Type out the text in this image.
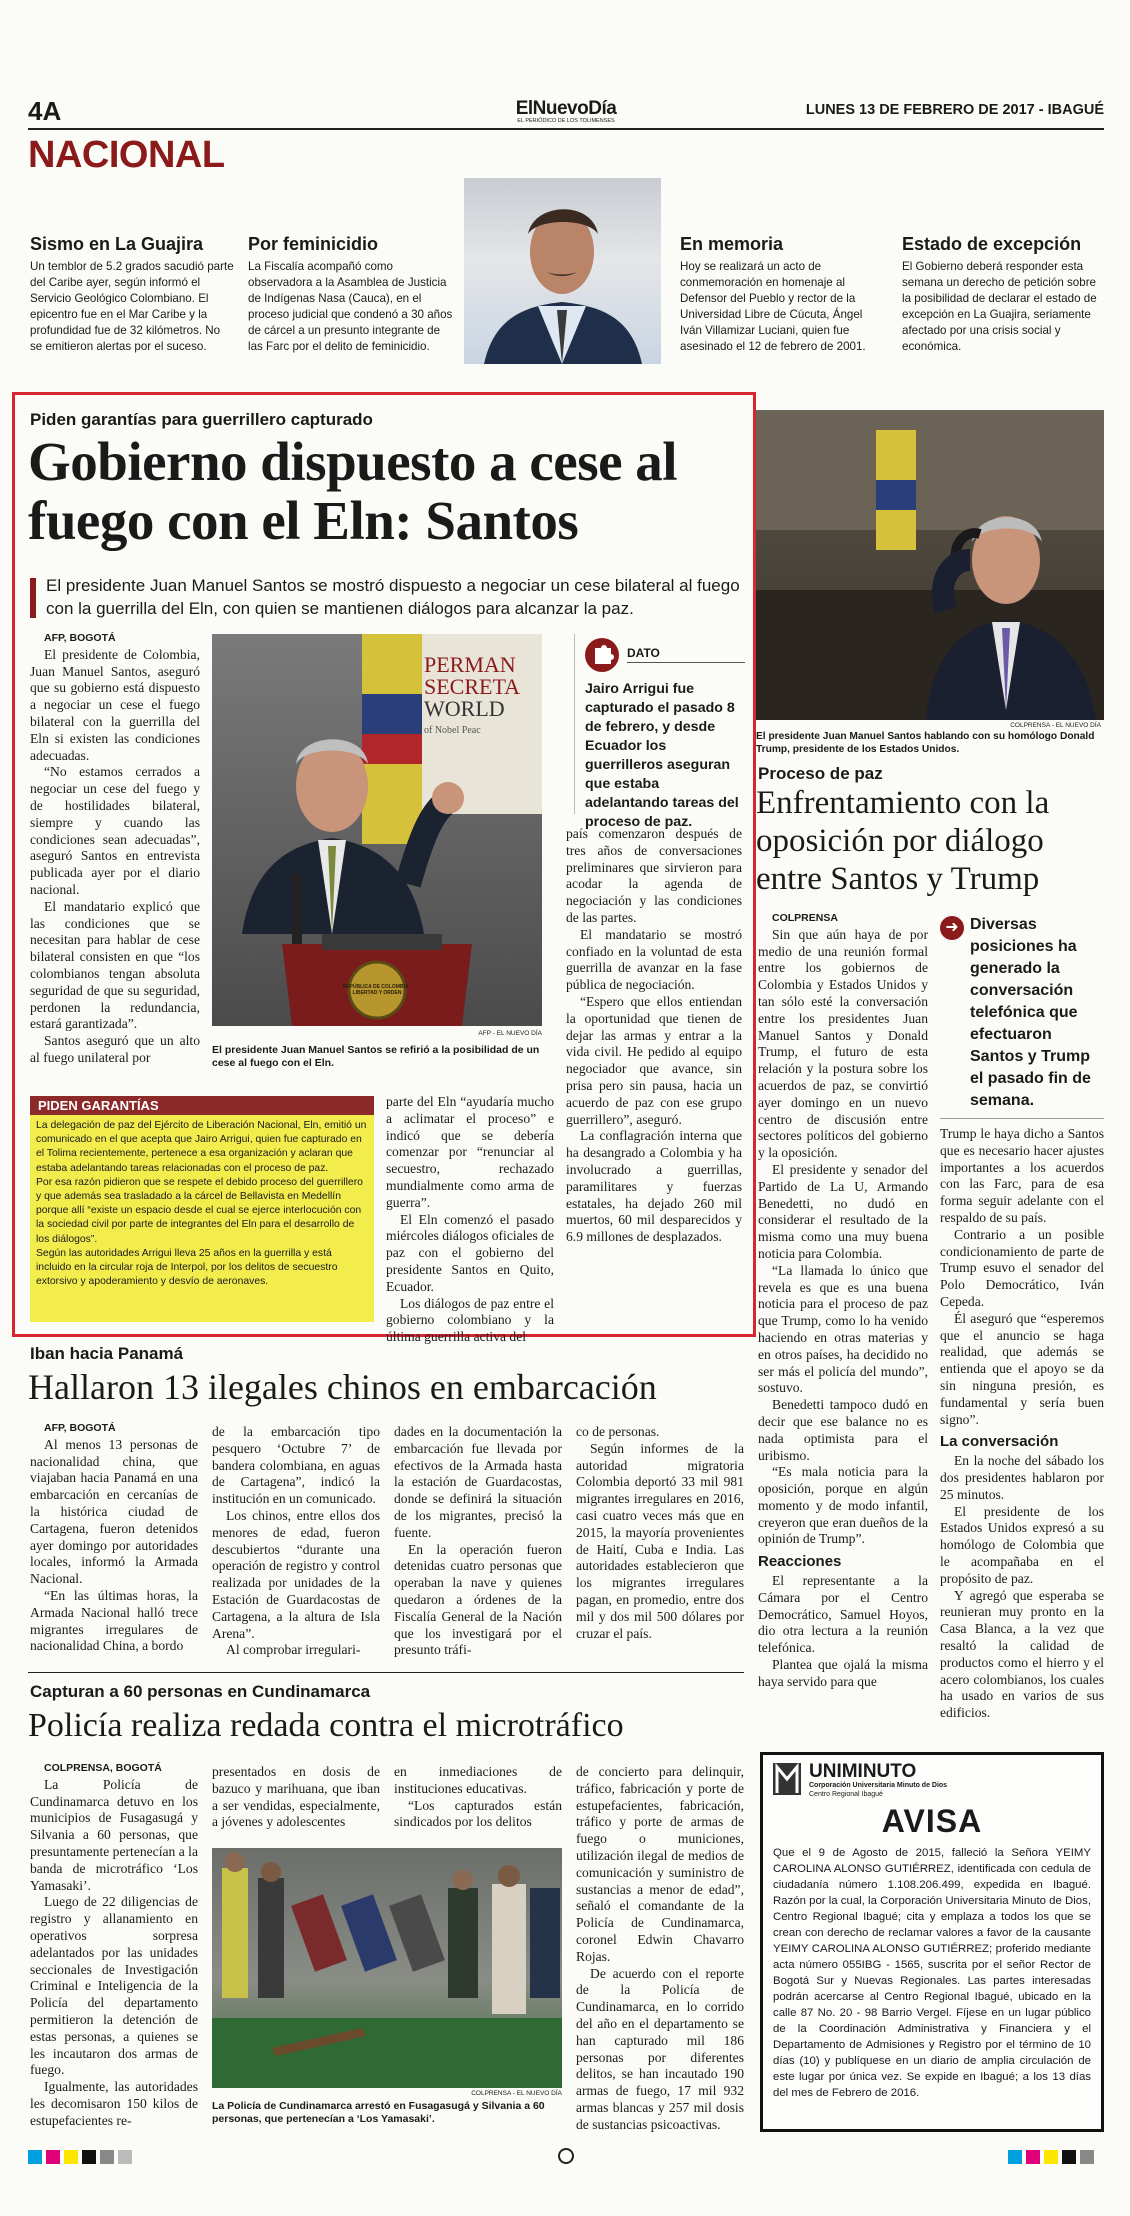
4A	ElNuevoDía
EL PERIÓDICO DE LOS TOLIMENSES
LUNES 13 DE FEBRERO DE 2017 - IBAGUÉ
NACIONAL
Sismo en La Guajira
Un temblor de 5.2 grados sacudió parte del Caribe ayer, según informó el Servicio Geológico Colombiano. El epicentro fue en el Mar Caribe y la profundidad fue de 32 kilómetros. No se emitieron alertas por el suceso.
Por feminicidio
La Fiscalía acompañó como observadora a la Asamblea de Justicia de Indígenas Nasa (Cauca), en el proceso judicial que condenó a 30 años de cárcel a un presunto integrante de las Farc por el delito de feminicidio.
En memoria
Hoy se realizará un acto de conmemoración en homenaje al Defensor del Pueblo y rector de la Universidad Libre de Cúcuta, Ángel Iván Villamizar Luciani, quien fue asesinado el 12 de febrero de 2001.
Estado de excepción
El Gobierno deberá responder esta semana un derecho de petición sobre la posibilidad de declarar el estado de excepción en La Guajira, seriamente afectado por una crisis social y económica.
Piden garantías para guerrillero capturado
Gobierno dispuesto a cese al fuego con el Eln: Santos
El presidente Juan Manuel Santos se mostró dispuesto a negociar un cese bilateral al fuego con la guerrilla del Eln, con quien se mantienen diálogos para alcanzar la paz.

AFP, BOGOTÁ

El presidente de Colombia, Juan Manuel Santos, aseguró que su gobierno está dispuesto a negociar un cese el fuego bilateral con la guerrilla del Eln si existen las condiciones adecuadas.

“No estamos cerrados a negociar un cese del fuego y de hostilidades bilateral, siempre y cuando las condiciones sean adecuadas”, aseguró Santos en entrevista publicada ayer por el diario nacional.

El mandatario explicó que las condiciones que se necesitan para hablar de cese bilateral consisten en que “los colombianos tengan absoluta seguridad de que su seguridad, perdonen la redundancia, estará garantizada”.

Santos aseguró que un alto al fuego unilateral por

PERMAN
SECRETA
WORLD
of Nobel Peac
REPÚBLICA DE COLOMBIA · LIBERTAD Y ORDEN
AFP - EL NUEVO DÍA
El presidente Juan Manuel Santos se refirió a la posibilidad de un cese al fuego con el Eln.
DATO
Jairo Arrigui fue capturado el pasado 8 de febrero, y desde Ecuador los guerrilleros aseguran que estaba adelantando tareas del proceso de paz.
PIDEN GARANTÍAS
La delegación de paz del Ejército de Liberación Nacional, Eln, emitió un comunicado en el que acepta que Jairo Arrigui, quien fue capturado en el Tolima recientemente, pertenece a esa organización y aclaran que estaba adelantando tareas relacionadas con el proceso de paz.
Por esa razón pidieron que se respete el debido proceso del guerrillero y que además sea trasladado a la cárcel de Bellavista en Medellín porque allí “existe un espacio desde el cual se ejerce interlocución con la sociedad civil por parte de integrantes del Eln para el desarrollo de los diálogos”.
Según las autoridades Arrigui lleva 25 años en la guerrilla y está incluido en la circular roja de Interpol, por los delitos de secuestro extorsivo y apoderamiento y desvío de aeronaves.

parte del Eln “ayudaría mucho a aclimatar el proceso” e indicó que se debería comenzar por “renunciar al secuestro, rechazado mundialmente como arma de guerra”.

El Eln comenzó el pasado miércoles diálogos oficiales de paz con el gobierno del presidente Santos en Quito, Ecuador.

Los diálogos de paz entre el gobierno colombiano y la última guerrilla activa del

país comenzaron después de tres años de conversaciones preliminares que sirvieron para acodar la agenda de negociación y las condiciones de las partes.

El mandatario se mostró confiado en la voluntad de esta guerrilla de avanzar en la fase pública de negociación.

“Espero que ellos entiendan la oportunidad que tienen de dejar las armas y entrar a la vida civil. He pedido al equipo negociador que avance, sin prisa pero sin pausa, hacia un acuerdo de paz con ese grupo guerrillero”, aseguró.

La conflagración interna que ha desangrado a Colombia y ha involucrado a guerrillas, paramilitares y fuerzas estatales, ha dejado 260 mil muertos, 60 mil desparecidos y 6.9 millones de desplazados.

COLPRENSA - EL NUEVO DÍA
El presidente Juan Manuel Santos hablando con su homólogo Donald Trump, presidente de los Estados Unidos.
Proceso de paz
Enfrentamiento con la oposición por diálogo entre Santos y Trump

COLPRENSA

Sin que aún haya de por medio de una reunión formal entre los gobiernos de Colombia y Estados Unidos y tan sólo esté la conversación entre los presidentes Juan Manuel Santos y Donald Trump, el futuro de esta relación y la postura sobre los acuerdos de paz, se convirtió ayer domingo en un nuevo centro de discusión entre sectores políticos del gobierno y la oposición.

El presidente y senador del Partido de La U, Armando Benedetti, no dudó en considerar el resultado de la misma como una muy buena noticia para Colombia.

“La llamada lo único que revela es que es una buena noticia para el proceso de paz que Trump, como lo ha venido haciendo en otras materias y en otros países, ha decidido no ser más el policía del mundo”, sostuvo.

Benedetti tampoco dudó en decir que ese balance no es nada optimista para el uribismo.

“Es mala noticia para la oposición, porque en algún momento y de modo infantil, creyeron que eran dueños de la opinión de Trump”.

Reacciones

El representante a la Cámara por el Centro Democrático, Samuel Hoyos, dio otra lectura a la reunión telefónica.

Plantea que ojalá la misma haya servido para que

➜ Diversas posiciones ha generado la conversación telefónica que efectuaron Santos y Trump el pasado fin de semana.

Trump le haya dicho a Santos que es necesario hacer ajustes importantes a los acuerdos con las Farc, para de esa forma seguir adelante con el respaldo de su país.

Contrario a un posible condicionamiento de parte de Trump esuvo el senador del Polo Democrático, Iván Cepeda.

Él aseguró que “esperemos que el anuncio se haga realidad, que además se entienda que el apoyo se da sin ninguna presión, es fundamental y sería buen signo”.

La conversación

En la noche del sábado los dos presidentes hablaron por 25 minutos.

El presidente de los Estados Unidos expresó a su homólogo de Colombia que le acompañaba en el propósito de paz.

Y agregó que esperaba se reunieran muy pronto en la Casa Blanca, a la vez que resaltó la calidad de productos como el hierro y el acero colombianos, los cuales ha usado en varios de sus edificios.

Iban hacia Panamá
Hallaron 13 ilegales chinos en embarcación

AFP, BOGOTÁ

Al menos 13 personas de nacionalidad china, que viajaban hacia Panamá en una embarcación en cercanías de la histórica ciudad de Cartagena, fueron detenidos ayer domingo por autoridades locales, informó la Armada Nacional.

“En las últimas horas, la Armada Nacional halló trece migrantes irregulares de nacionalidad China, a bordo

de la embarcación tipo pesquero ‘Octubre 7’ de bandera colombiana, en aguas de Cartagena”, indicó la institución en un comunicado.

Los chinos, entre ellos dos menores de edad, fueron descubiertos “durante una operación de registro y control realizada por unidades de la Estación de Guardacostas de Cartagena, a la altura de Isla Arena”.

Al comprobar irregulari-

dades en la documentación la embarcación fue llevada por efectivos de la Armada hasta la estación de Guardacostas, donde se definirá la situación de los migrantes, precisó la fuente.

En la operación fueron detenidas cuatro personas que operaban la nave y quienes quedaron a órdenes de la Fiscalía General de la Nación que los investigará por el presunto tráfi-

co de personas.

Según informes de la autoridad migratoria Colombia deportó 33 mil 981 migrantes irregulares en 2016, casi cuatro veces más que en 2015, la mayoría provenientes de Haití, Cuba e India. Las autoridades establecieron que los migrantes irregulares pagan, en promedio, entre dos mil y dos mil 500 dólares por cruzar el país.

Capturan a 60 personas en Cundinamarca
Policía realiza redada contra el microtráfico

COLPRENSA, BOGOTÁ

La Policía de Cundinamarca detuvo en los municipios de Fusagasugá y Silvania a 60 personas, que presuntamente pertenecían a la banda de microtráfico ‘Los Yamasaki’.

Luego de 22 diligencias de registro y allanamiento en operativos sorpresa adelantados por las unidades seccionales de Investigación Criminal e Inteligencia de la Policía del departamento permitieron la detención de estas personas, a quienes se les incautaron dos armas de fuego.

Igualmente, las autoridades les decomisaron 150 kilos de estupefacientes re-

presentados en dosis de bazuco y marihuana, que iban a ser vendidas, especialmente, a jóvenes y adolescentes

en inmediaciones de instituciones educativas.

“Los capturados están sindicados por los delitos

COLPRENSA - EL NUEVO DÍA
La Policía de Cundinamarca arrestó en Fusagasugá y Silvania a 60 personas, que pertenecían a ‘Los Yamasaki’.

de concierto para delinquir, tráfico, fabricación y porte de estupefacientes, fabricación, tráfico y porte de armas de fuego o municiones, utilización ilegal de medios de comunicación y suministro de sustancias a menor de edad”, señaló el comandante de la Policía de Cundinamarca, coronel Edwin Chavarro Rojas.

De acuerdo con el reporte de la Policía de Cundinamarca, en lo corrido del año en el departamento se han capturado mil 186 personas por diferentes delitos, se han incautado 190 armas de fuego, 17 mil 932 armas blancas y 257 mil dosis de sustancias psicoactivas.

UNIMINUTO
Corporación Universitaria Minuto de Dios
Centro Regional Ibagué
AVISA
Que el 9 de Agosto de 2015, falleció la Señora YEIMY CAROLINA ALONSO GUTIÉRREZ, identificada con cedula de ciudadanía número 1.108.206.499, expedida en Ibagué. Razón por la cual, la Corporación Universitaria Minuto de Dios, Centro Regional Ibagué; cita y emplaza a todos los que se crean con derecho de reclamar valores a favor de la causante YEIMY CAROLINA ALONSO GUTIÉRREZ; proferido mediante acta número 055IBG - 1565, suscrita por el señor Rector de Bogotá Sur y Nuevas Regionales. Las partes interesadas podrán acercarse al Centro Regional Ibagué, ubicado en la calle 87 No. 20 - 98 Barrio Vergel. Fíjese en un lugar público de la Coordinación Administrativa y Financiera y el Departamento de Admisiones y Registro por el término de 10 días (10) y publíquese en un diario de amplia circulación de este lugar por única vez. Se expide en Ibagué; a los 13 días del mes de Febrero de 2016.
